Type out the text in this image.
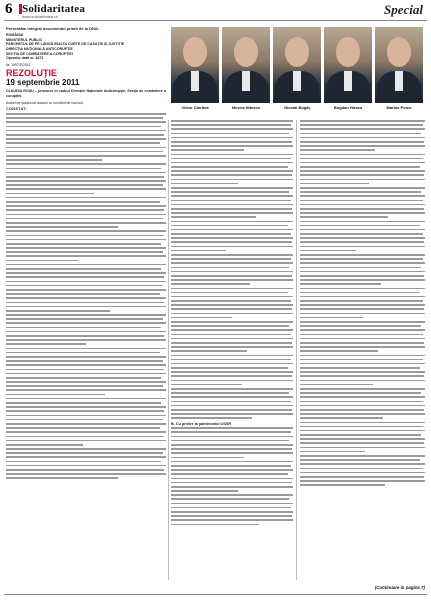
6 Solidaritatea
www.solidaritatea.ro	Special

Prezentăm integral documentul primit de la DNA:

ROMÂNIA

MINISTERUL PUBLIC

PARCHETUL DE PE LÂNGĂ ÎNALTA CURTE DE CASAȚIE ȘI JUSTIȚIE

DIRECȚIA NAȚIONALĂ ANTICORUPȚIE

SECȚIA DE COMBATERE A CORUPȚIEI

Operativ dată nr. 4472

Nr. 1597/P/2011

REZOLUȚIE
19 septembrie 2011

CLAUDIA ROȘU – procuror în cadrul Direcției Naționale Anticorupție, Secția de combatere a corupției,

Având de soluționat dosarul cu numărul de mai sus,

CONSTAT:	Victor Ciorbea	Mircea Nitescu	Nicolai Bogăţ	Bogdan Hossu	Marius Petcu
B. Cu privire la patrimoniul USSR
(Continuare în pagina 7)
